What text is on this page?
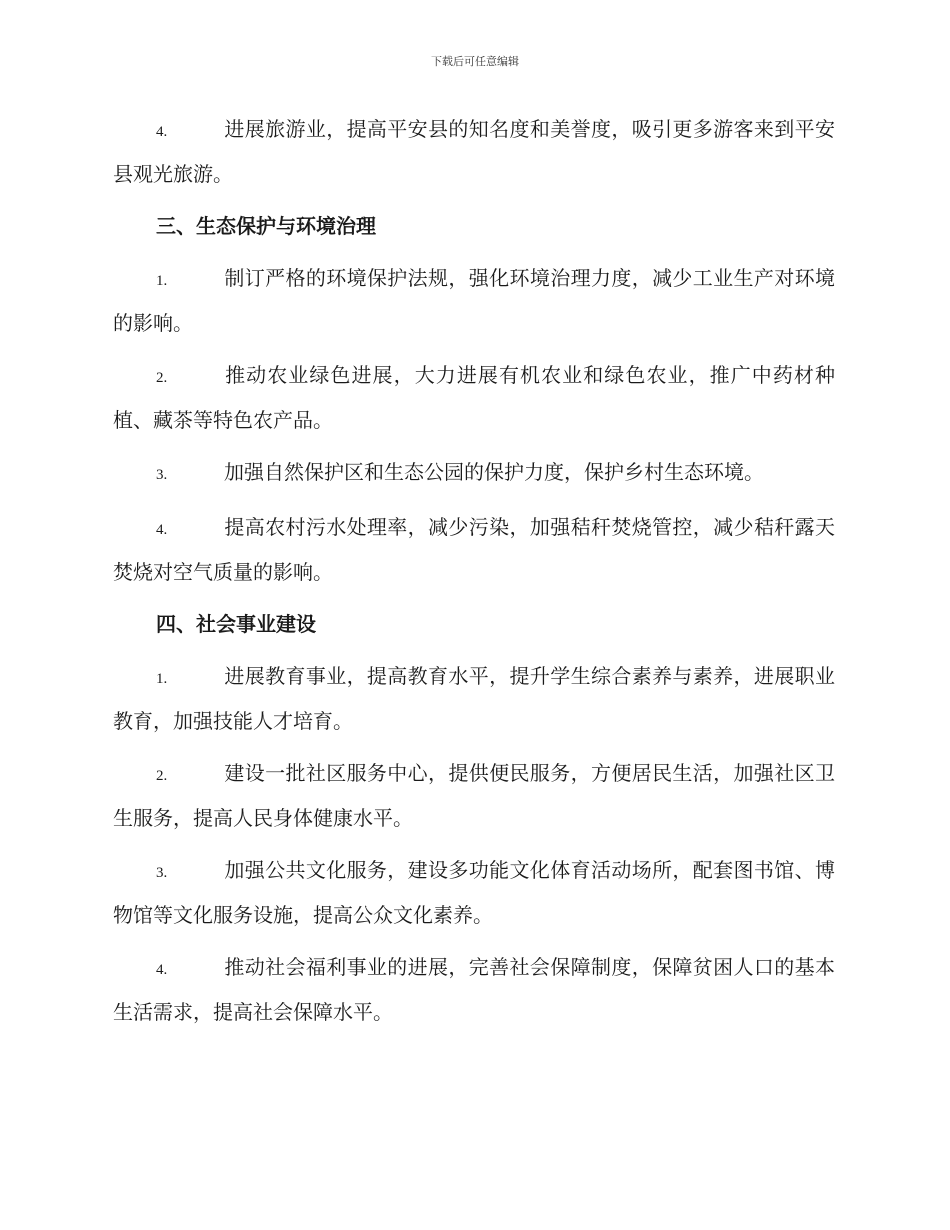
下载后可任意编辑

4.	进展旅游业，提高平安县的知名度和美誉度，吸引更多游客来到平安县观光旅游。

三、生态保护与环境治理

1.	制订严格的环境保护法规，强化环境治理力度，减少工业生产对环境的影响。

2.	推动农业绿色进展，大力进展有机农业和绿色农业，推广中药材种植、藏茶等特色农产品。

3.	加强自然保护区和生态公园的保护力度，保护乡村生态环境。

4.	提高农村污水处理率，减少污染，加强秸秆焚烧管控，减少秸秆露天焚烧对空气质量的影响。

四、社会事业建设

1.	进展教育事业，提高教育水平，提升学生综合素养与素养，进展职业教育，加强技能人才培育。

2.	建设一批社区服务中心，提供便民服务，方便居民生活，加强社区卫生服务，提高人民身体健康水平。

3.	加强公共文化服务，建设多功能文化体育活动场所，配套图书馆、博物馆等文化服务设施，提高公众文化素养。

4.	推动社会福利事业的进展，完善社会保障制度，保障贫困人口的基本生活需求，提高社会保障水平。
